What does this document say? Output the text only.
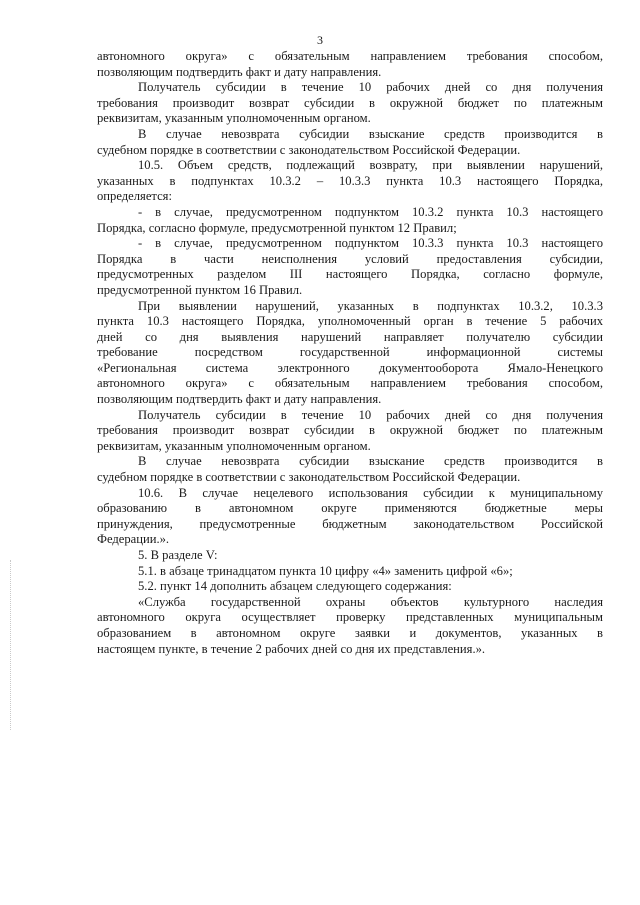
3
автономного округа» с обязательным направлением требования способом,
позволяющим подтвердить факт и дату направления.
Получатель субсидии в течение 10 рабочих дней со дня получения
требования производит возврат субсидии в окружной бюджет по платежным
реквизитам, указанным уполномоченным органом.
В случае невозврата субсидии взыскание средств производится в
судебном порядке в соответствии с законодательством Российской Федерации.
10.5. Объем средств, подлежащий возврату, при выявлении нарушений,
указанных в подпунктах 10.3.2 – 10.3.3 пункта 10.3 настоящего Порядка,
определяется:
- в случае, предусмотренном подпунктом 10.3.2 пункта 10.3 настоящего
Порядка, согласно формуле, предусмотренной пунктом 12 Правил;
- в случае, предусмотренном подпунктом 10.3.3 пункта 10.3 настоящего
Порядка в части неисполнения условий предоставления субсидии,
предусмотренных разделом III настоящего Порядка, согласно формуле,
предусмотренной пунктом 16 Правил.
При выявлении нарушений, указанных в подпунктах 10.3.2, 10.3.3
пункта 10.3 настоящего Порядка, уполномоченный орган в течение 5 рабочих
дней со дня выявления нарушений направляет получателю субсидии
требование посредством государственной информационной системы
«Региональная система электронного документооборота Ямало-Ненецкого
автономного округа» с обязательным направлением требования способом,
позволяющим подтвердить факт и дату направления.
Получатель субсидии в течение 10 рабочих дней со дня получения
требования производит возврат субсидии в окружной бюджет по платежным
реквизитам, указанным уполномоченным органом.
В случае невозврата субсидии взыскание средств производится в
судебном порядке в соответствии с законодательством Российской Федерации.
10.6. В случае нецелевого использования субсидии к муниципальному
образованию в автономном округе применяются бюджетные меры
принуждения, предусмотренные бюджетным законодательством Российской
Федерации.».
5. В разделе V:
5.1. в абзаце тринадцатом пункта 10 цифру «4» заменить цифрой «6»;
5.2. пункт 14 дополнить абзацем следующего содержания:
«Служба государственной охраны объектов культурного наследия
автономного округа осуществляет проверку представленных муниципальным
образованием в автономном округе заявки и документов, указанных в
настоящем пункте, в течение 2 рабочих дней со дня их представления.».
